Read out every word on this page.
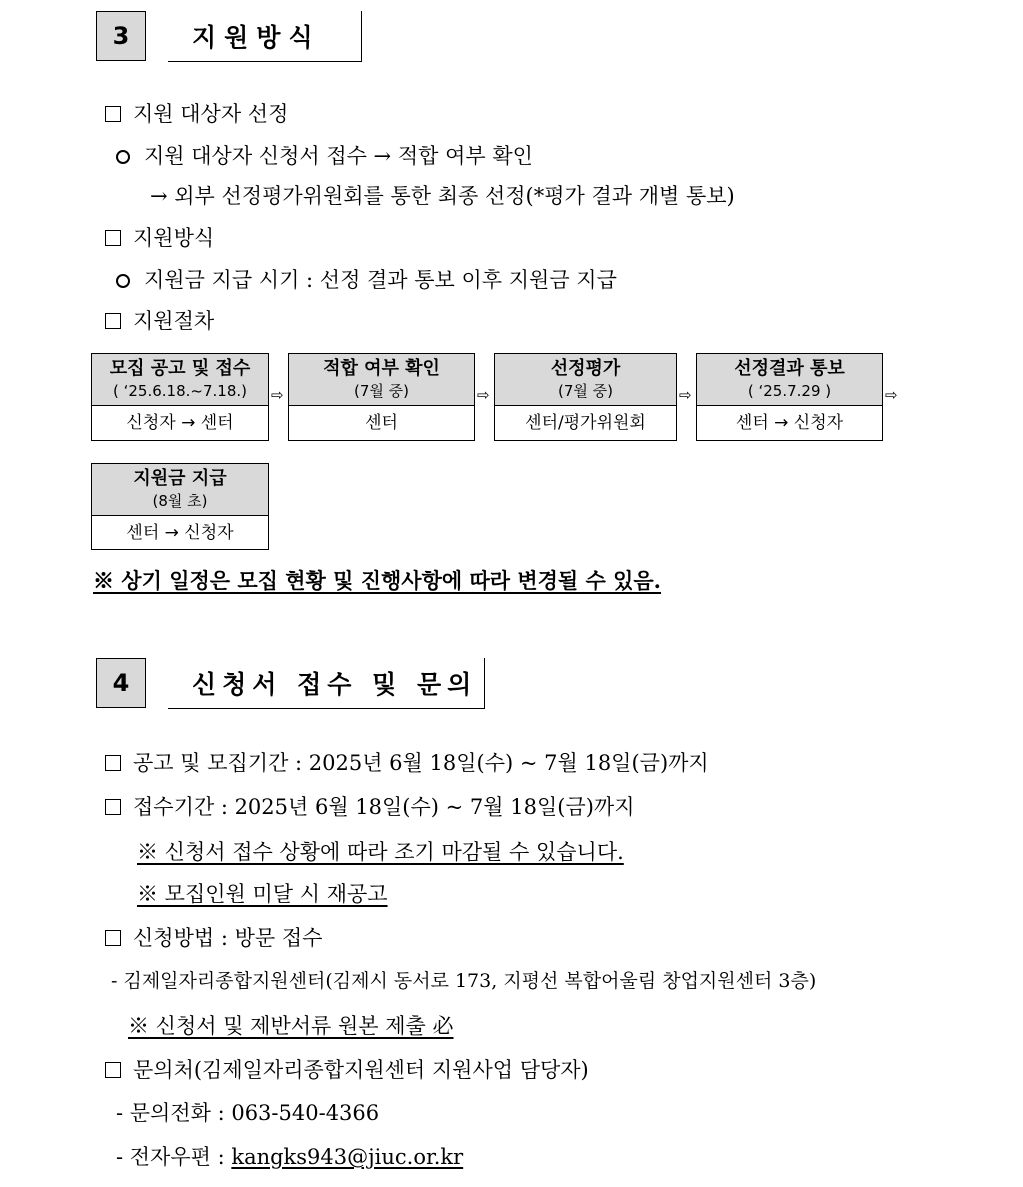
3	지원방식
지원 대상자 선정
지원 대상자 신청서 접수 → 적합 여부 확인
→ 외부 선정평가위원회를 통한 최종 선정(*평가 결과 개별 통보)
지원방식
지원금 지급 시기 : 선정 결과 통보 이후 지원금 지급
지원절차
모집 공고 및 접수
( ‘25.6.18.~7.18.)
신청자 → 센터
⇨
적합 여부 확인
(7월 중)
센터
⇨
선정평가
(7월 중)
센터/평가위원회
⇨
선정결과 통보
( ‘25.7.29 )
센터 → 신청자
⇨
지원금 지급
(8월 초)
센터 → 신청자
※ 상기 일정은 모집 현황 및 진행사항에 따라 변경될 수 있음.
4	신청서 접수 및 문의
공고 및 모집기간 : 2025년 6월 18일(수) ~ 7월 18일(금)까지
접수기간 : 2025년 6월 18일(수) ~ 7월 18일(금)까지
※ 신청서 접수 상황에 따라 조기 마감될 수 있습니다.
※ 모집인원 미달 시 재공고
신청방법 : 방문 접수
- 김제일자리종합지원센터(김제시 동서로 173, 지평선 복합어울림 창업지원센터 3층)
※ 신청서 및 제반서류 원본 제출 必
문의처(김제일자리종합지원센터 지원사업 담당자)
- 문의전화 : 063-540-4366
- 전자우편 : kangks943@jiuc.or.kr
